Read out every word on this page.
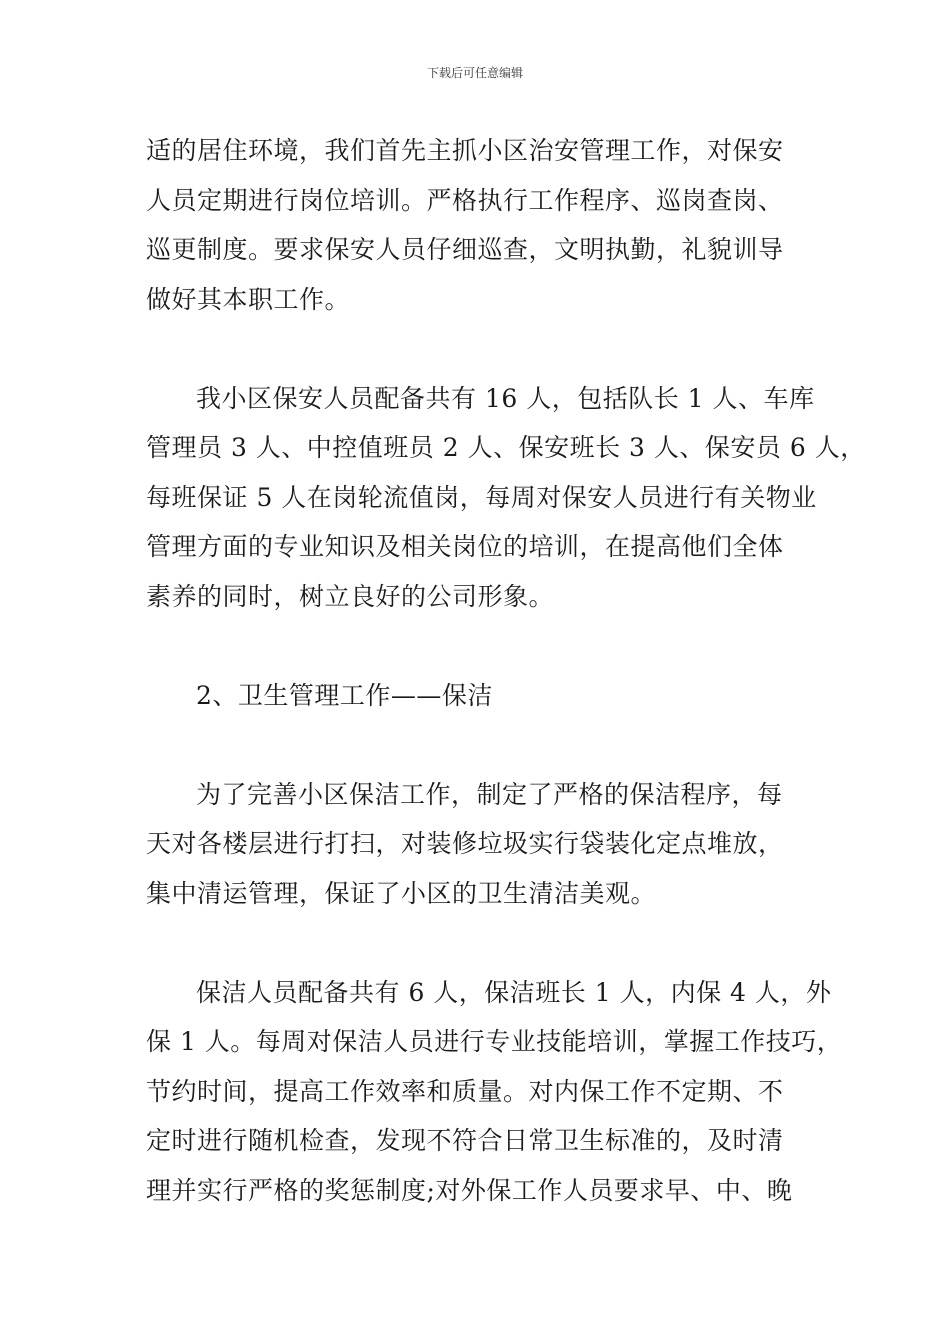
下载后可任意编辑
适的居住环境，我们首先主抓小区治安管理工作，对保安
人员定期进行岗位培训。严格执行工作程序、巡岗查岗、
巡更制度。要求保安人员仔细巡查，文明执勤，礼貌训导
做好其本职工作。
我小区保安人员配备共有 16 人，包括队长 1 人、车库
管理员 3 人、中控值班员 2 人、保安班长 3 人、保安员 6 人，
每班保证 5 人在岗轮流值岗，每周对保安人员进行有关物业
管理方面的专业知识及相关岗位的培训，在提高他们全体
素养的同时，树立良好的公司形象。
2、卫生管理工作——保洁
为了完善小区保洁工作，制定了严格的保洁程序，每
天对各楼层进行打扫，对装修垃圾实行袋装化定点堆放，
集中清运管理，保证了小区的卫生清洁美观。
保洁人员配备共有 6 人，保洁班长 1 人，内保 4 人，外
保 1 人。每周对保洁人员进行专业技能培训，掌握工作技巧，
节约时间，提高工作效率和质量。对内保工作不定期、不
定时进行随机检查，发现不符合日常卫生标准的，及时清
理并实行严格的奖惩制度;对外保工作人员要求早、中、晚
